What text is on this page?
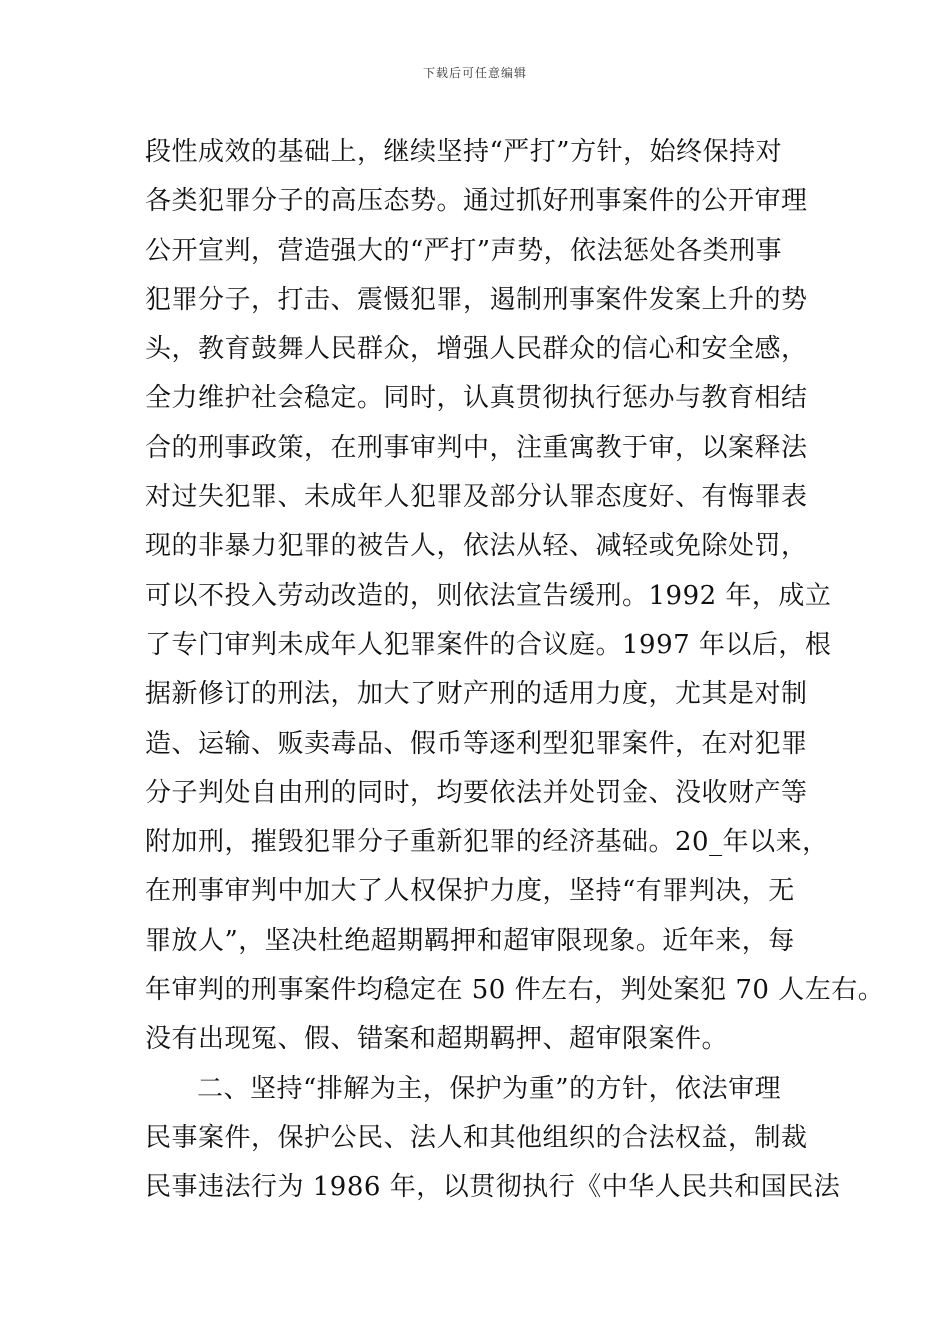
下载后可任意编辑
段性成效的基础上，继续坚持“严打”方针，始终保持对
各类犯罪分子的高压态势。通过抓好刑事案件的公开审理
公开宣判，营造强大的“严打”声势，依法惩处各类刑事
犯罪分子，打击、震慑犯罪，遏制刑事案件发案上升的势
头，教育鼓舞人民群众，增强人民群众的信心和安全感，
全力维护社会稳定。同时，认真贯彻执行惩办与教育相结
合的刑事政策，在刑事审判中，注重寓教于审，以案释法
对过失犯罪、未成年人犯罪及部分认罪态度好、有悔罪表
现的非暴力犯罪的被告人，依法从轻、减轻或免除处罚，
可以不投入劳动改造的，则依法宣告缓刑。1992 年，成立
了专门审判未成年人犯罪案件的合议庭。1997 年以后，根
据新修订的刑法，加大了财产刑的适用力度，尤其是对制
造、运输、贩卖毒品、假币等逐利型犯罪案件，在对犯罪
分子判处自由刑的同时，均要依法并处罚金、没收财产等
附加刑，摧毁犯罪分子重新犯罪的经济基础。20_年以来，
在刑事审判中加大了人权保护力度，坚持“有罪判决，无
罪放人”，坚决杜绝超期羁押和超审限现象。近年来，每
年审判的刑事案件均稳定在 50 件左右，判处案犯 70 人左右。
没有出现冤、假、错案和超期羁押、超审限案件。
二、坚持“排解为主，保护为重”的方针，依法审理
民事案件，保护公民、法人和其他组织的合法权益，制裁
民事违法行为 1986 年，以贯彻执行《中华人民共和国民法
